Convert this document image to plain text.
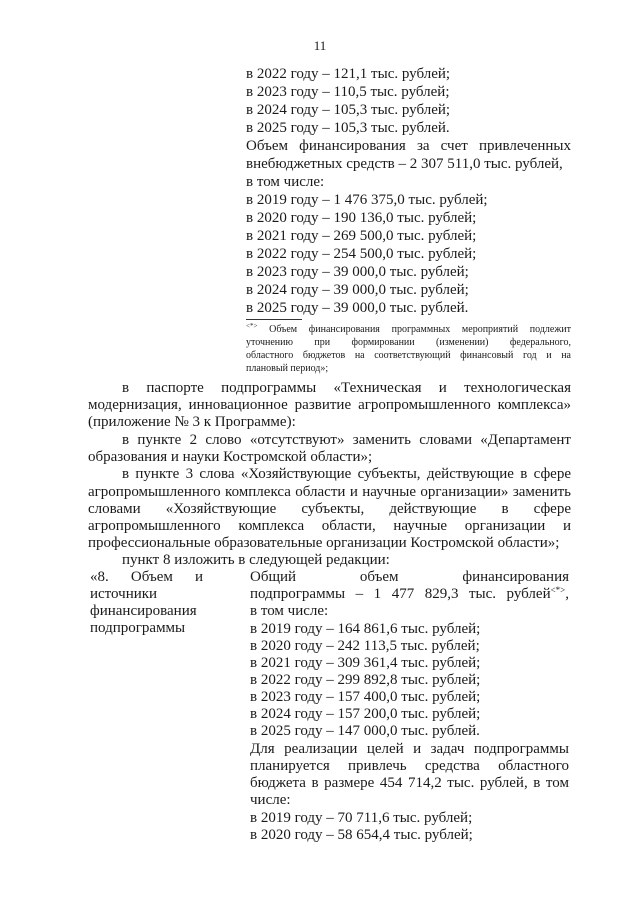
11
в 2022 году – 121,1 тыс. рублей;
в 2023 году – 110,5 тыс. рублей;
в 2024 году – 105,3 тыс. рублей;
в 2025 году – 105,3 тыс. рублей.
Объем финансирования за счет привлеченных
внебюджетных средств – 2 307 511,0 тыс. рублей,
в том числе:
в 2019 году – 1 476 375,0 тыс. рублей;
в 2020 году – 190 136,0 тыс. рублей;
в 2021 году – 269 500,0 тыс. рублей;
в 2022 году – 254 500,0 тыс. рублей;
в 2023 году – 39 000,0 тыс. рублей;
в 2024 году – 39 000,0 тыс. рублей;
в 2025 году – 39 000,0 тыс. рублей.
<*> Объем финансирования программных мероприятий подлежит
уточнению при формировании (изменении) федерального,
областного бюджетов на соответствующий финансовый год и на
плановый период»;
в паспорте подпрограммы «Техническая и технологическая
модернизация, инновационное развитие агропромышленного комплекса»
(приложение № 3 к Программе):
в пункте 2 слово «отсутствуют» заменить словами «Департамент
образования и науки Костромской области»;
в пункте 3 слова «Хозяйствующие субъекты, действующие в сфере
агропромышленного комплекса области и научные организации» заменить
словами «Хозяйствующие субъекты, действующие в сфере
агропромышленного комплекса области, научные организации и
профессиональные образовательные организации Костромской области»;
пункт 8 изложить в следующей редакции:
«8. Объем и
источники
финансирования
подпрограммы
Общий объем финансирования
подпрограммы – 1 477 829,3 тыс. рублей<*>,
в том числе:
в 2019 году – 164 861,6 тыс. рублей;
в 2020 году – 242 113,5 тыс. рублей;
в 2021 году – 309 361,4 тыс. рублей;
в 2022 году – 299 892,8 тыс. рублей;
в 2023 году – 157 400,0 тыс. рублей;
в 2024 году – 157 200,0 тыс. рублей;
в 2025 году – 147 000,0 тыс. рублей.
Для реализации целей и задач подпрограммы
планируется привлечь средства областного
бюджета в размере 454 714,2 тыс. рублей, в том
числе:
в 2019 году – 70 711,6 тыс. рублей;
в 2020 году – 58 654,4 тыс. рублей;
